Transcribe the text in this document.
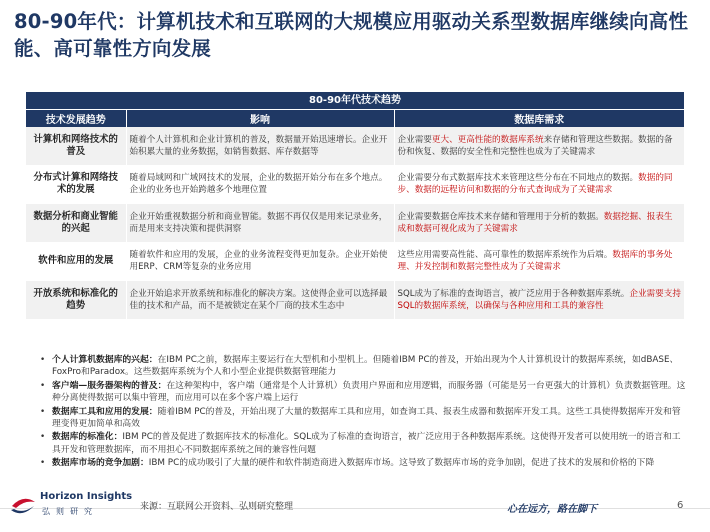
80-90年代：计算机技术和互联网的大规模应用驱动关系型数据库继续向高性能、高可靠性方向发展
80-90年代技术趋势
技术发展趋势	影响	数据库需求
计算机和网络技术的普及	随着个人计算机和企业计算机的普及，数据量开始迅速增长。企业开始积累大量的业务数据，如销售数据、库存数据等	企业需要更大、更高性能的数据库系统来存储和管理这些数据。数据的备份和恢复、数据的安全性和完整性也成为了关键需求
分布式计算和网络技术的发展	随着局域网和广域网技术的发展，企业的数据开始分布在多个地点。企业的业务也开始跨越多个地理位置	企业需要分布式数据库技术来管理这些分布在不同地点的数据。数据的同步、数据的远程访问和数据的分布式查询成为了关键需求
数据分析和商业智能的兴起	企业开始重视数据分析和商业智能。数据不再仅仅是用来记录业务，而是用来支持决策和提供洞察	企业需要数据仓库技术来存储和管理用于分析的数据。数据挖掘、报表生成和数据可视化成为了关键需求
软件和应用的发展	随着软件和应用的发展，企业的业务流程变得更加复杂。企业开始使用ERP、CRM等复杂的业务应用	这些应用需要高性能、高可靠性的数据库系统作为后端。数据库的事务处理、并发控制和数据完整性成为了关键需求
开放系统和标准化的趋势	企业开始追求开放系统和标准化的解决方案。这使得企业可以选择最佳的技术和产品，而不是被锁定在某个厂商的技术生态中	SQL成为了标准的查询语言，被广泛应用于各种数据库系统。企业需要支持SQL的数据库系统，以确保与各种应用和工具的兼容性
• 个人计算机数据库的兴起：在IBM PC之前，数据库主要运行在大型机和小型机上。但随着IBM PC的普及，开始出现为个人计算机设计的数据库系统，如dBASE、FoxPro和Paradox。这些数据库系统为个人和小型企业提供数据管理能力
• 客户端—服务器架构的普及：在这种架构中，客户端（通常是个人计算机）负责用户界面和应用逻辑，而服务器（可能是另一台更强大的计算机）负责数据管理。这种分离使得数据可以集中管理，而应用可以在多个客户端上运行
• 数据库工具和应用的发展：随着IBM PC的普及，开始出现了大量的数据库工具和应用，如查询工具、报表生成器和数据库开发工具。这些工具使得数据库开发和管理变得更加简单和高效
• 数据库的标准化：IBM PC的普及促进了数据库技术的标准化。SQL成为了标准的查询语言，被广泛应用于各种数据库系统。这使得开发者可以使用统一的语言和工具开发和管理数据库，而不用担心不同数据库系统之间的兼容性问题
• 数据库市场的竞争加剧：IBM PC的成功吸引了大量的硬件和软件制造商进入数据库市场。这导致了数据库市场的竞争加剧，促进了技术的发展和价格的下降
Horizon Insights
弘则研究	来源：互联网公开资料、弘则研究整理	心在远方，路在脚下	6
